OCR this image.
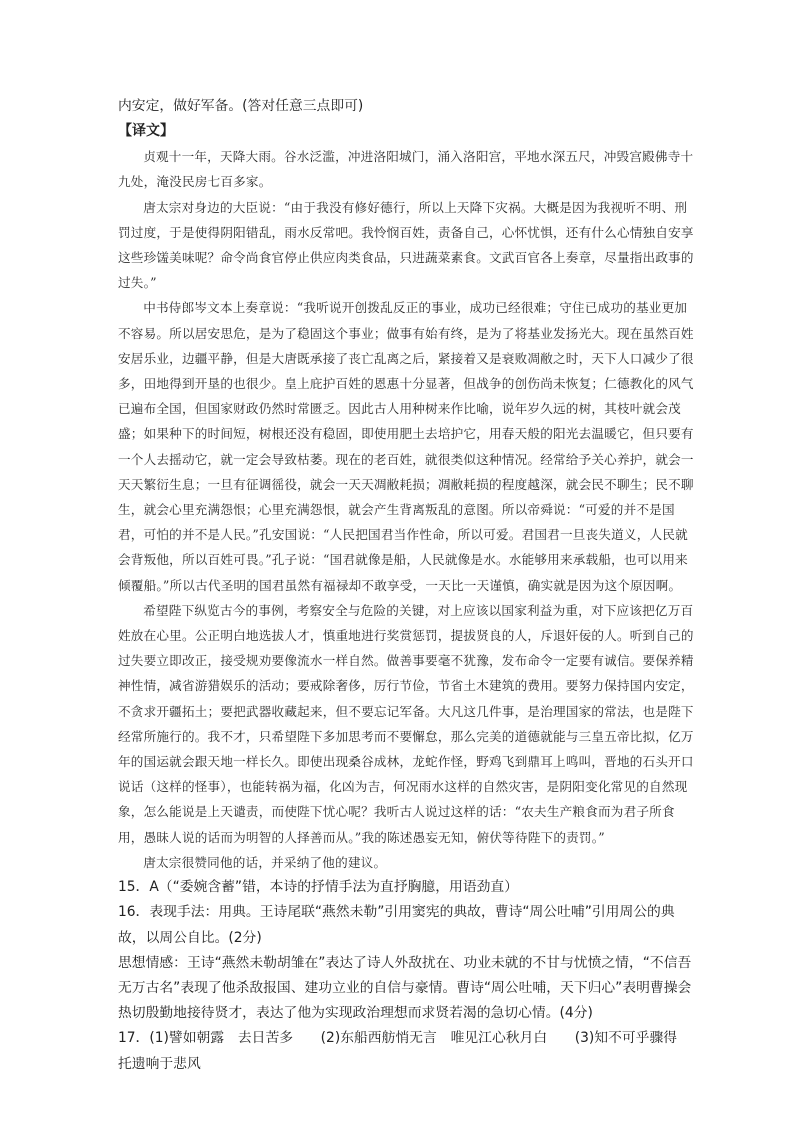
内安定，做好军备。(答对任意三点即可)

【译文】

贞观十一年，天降大雨。谷水泛滥，冲进洛阳城门，涌入洛阳宫，平地水深五尺，冲毁宫殿佛寺十九处，淹没民房七百多家。

唐太宗对身边的大臣说：“由于我没有修好德行，所以上天降下灾祸。大概是因为我视听不明、刑罚过度，于是使得阴阳错乱，雨水反常吧。我怜悯百姓，责备自己，心怀忧惧，还有什么心情独自安享这些珍馐美味呢？命令尚食官停止供应肉类食品，只进蔬菜素食。文武百官各上奏章，尽量指出政事的过失。”

中书侍郎岑文本上奏章说：“我听说开创拨乱反正的事业，成功已经很难；守住已成功的基业更加不容易。所以居安思危，是为了稳固这个事业；做事有始有终，是为了将基业发扬光大。现在虽然百姓安居乐业，边疆平静，但是大唐既承接了丧亡乱离之后，紧接着又是衰败凋敝之时，天下人口减少了很多，田地得到开垦的也很少。皇上庇护百姓的恩惠十分显著，但战争的创伤尚未恢复；仁德教化的风气已遍布全国，但国家财政仍然时常匮乏。因此古人用种树来作比喻，说年岁久远的树，其枝叶就会茂盛；如果种下的时间短，树根还没有稳固，即使用肥土去培护它，用春天般的阳光去温暖它，但只要有一个人去摇动它，就一定会导致枯萎。现在的老百姓，就很类似这种情况。经常给予关心养护，就会一天天繁衍生息；一旦有征调徭役，就会一天天凋敝耗损；凋敝耗损的程度越深，就会民不聊生；民不聊生，就会心里充满怨恨；心里充满怨恨，就会产生背离叛乱的意图。所以帝舜说：“可爱的并不是国君，可怕的并不是人民。”孔安国说：“人民把国君当作性命，所以可爱。君国君一旦丧失道义，人民就会背叛他，所以百姓可畏。”孔子说：“国君就像是船，人民就像是水。水能够用来承载船，也可以用来倾覆船。”所以古代圣明的国君虽然有福禄却不敢享受，一天比一天谨慎，确实就是因为这个原因啊。

希望陛下纵览古今的事例，考察安全与危险的关键，对上应该以国家利益为重，对下应该把亿万百姓放在心里。公正明白地选拔人才，慎重地进行奖赏惩罚，提拔贤良的人，斥退奸佞的人。听到自己的过失要立即改正，接受规劝要像流水一样自然。做善事要毫不犹豫，发布命令一定要有诚信。要保养精神性情，减省游猎娱乐的活动；要戒除奢侈，厉行节俭，节省土木建筑的费用。要努力保持国内安定，不贪求开疆拓土；要把武器收藏起来，但不要忘记军备。大凡这几件事，是治理国家的常法，也是陛下经常所施行的。我不才，只希望陛下多加思考而不要懈怠，那么完美的道德就能与三皇五帝比拟，亿万年的国运就会跟天地一样长久。即使出现桑谷成林，龙蛇作怪，野鸡飞到鼎耳上鸣叫，晋地的石头开口说话（这样的怪事），也能转祸为福，化凶为吉，何况雨水这样的自然灾害，是阴阳变化常见的自然现象，怎么能说是上天谴责，而使陛下忧心呢？我听古人说过这样的话：“农夫生产粮食而为君子所食用，愚昧人说的话而为明智的人择善而从。”我的陈述愚妄无知，俯伏等待陛下的责罚。”

唐太宗很赞同他的话，并采纳了他的建议。

15．A（“委婉含蓄”错，本诗的抒情手法为直抒胸臆，用语劲直）

16．表现手法：用典。王诗尾联“燕然未勒”引用窦宪的典故，曹诗“周公吐哺”引用周公的典故，以周公自比。(2分)

思想情感：王诗“燕然未勒胡雏在”表达了诗人外敌扰在、功业未就的不甘与忧愤之情，“不信吾无万古名”表现了他杀敌报国、建功立业的自信与豪情。曹诗“周公吐哺，天下归心”表明曹操会热切殷勤地接待贤才，表达了他为实现政治理想而求贤若渴的急切心情。(4分)

17．(1)譬如朝露　去日苦多　　(2)东船西舫悄无言　唯见江心秋月白　　(3)知不可乎骤得　托遗响于悲风
